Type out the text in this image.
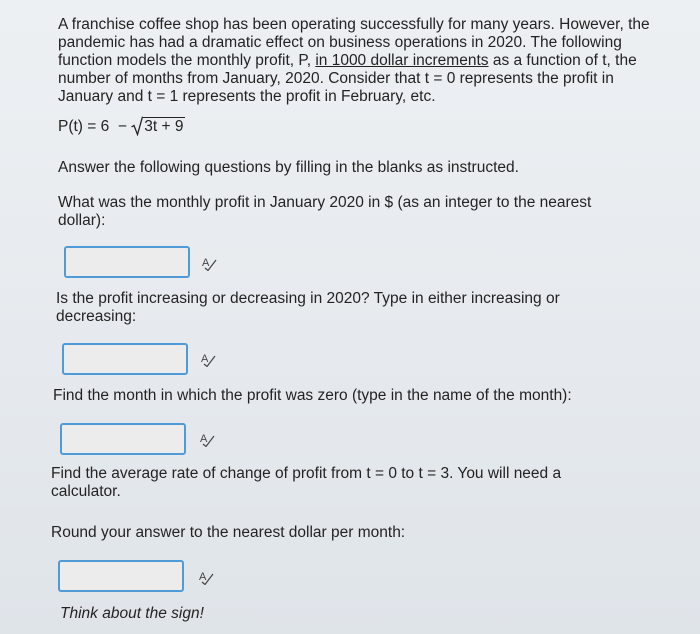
A franchise coffee shop has been operating successfully for many years. However, the pandemic has had a dramatic effect on business operations in 2020. The following function models the monthly profit, P, in 1000 dollar increments as a function of t, the number of months from January, 2020. Consider that t = 0 represents the profit in January and t = 1 represents the profit in February, etc.

P(t) = 6  −
3t + 9

Answer the following questions by filling in the blanks as instructed.

What was the monthly profit in January 2020 in $ (as an integer to the nearest dollar):

A

Is the profit increasing or decreasing in 2020? Type in either increasing or decreasing:

A

Find the month in which the profit was zero (type in the name of the month):

A

Find the average rate of change of profit from t = 0 to t = 3. You will need a calculator.

Round your answer to the nearest dollar per month:

A
Think about the sign!
